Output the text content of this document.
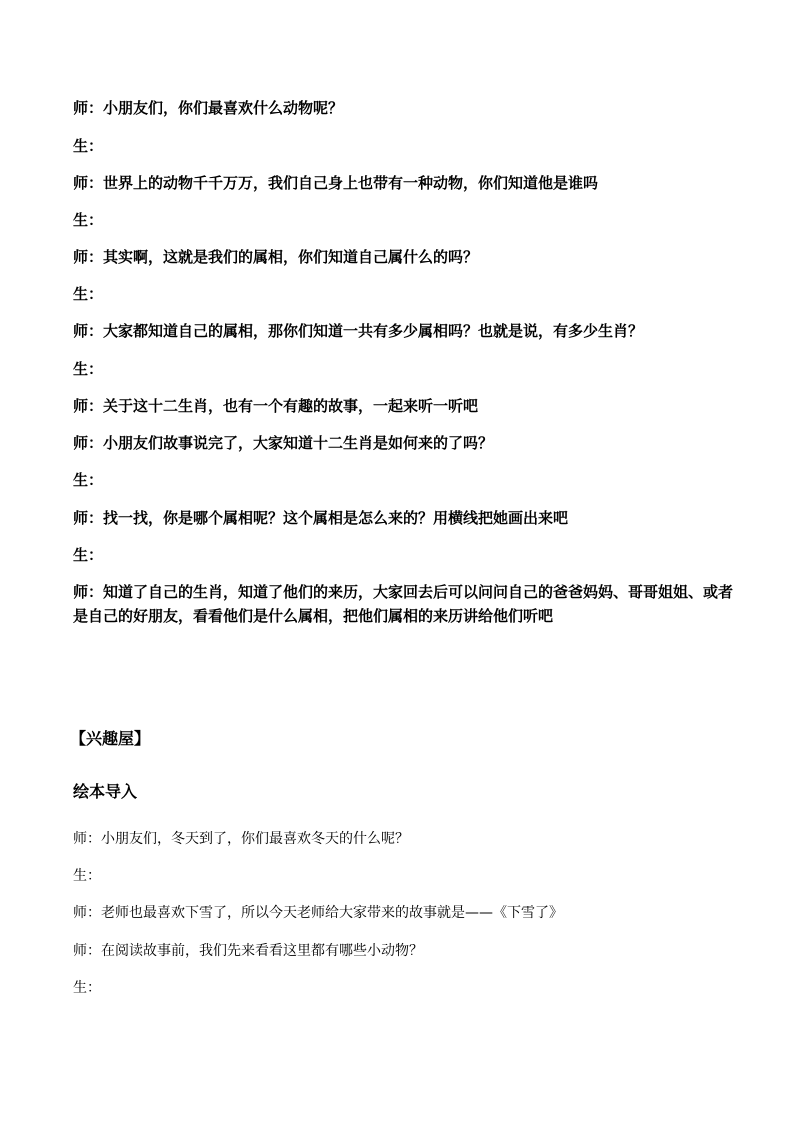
师：小朋友们，你们最喜欢什么动物呢？
生：
师：世界上的动物千千万万，我们自己身上也带有一种动物，你们知道他是谁吗
生：
师：其实啊，这就是我们的属相，你们知道自己属什么的吗？
生：
师：大家都知道自己的属相，那你们知道一共有多少属相吗？也就是说，有多少生肖？
生：
师：关于这十二生肖，也有一个有趣的故事，一起来听一听吧
师：小朋友们故事说完了，大家知道十二生肖是如何来的了吗？
生：
师：找一找，你是哪个属相呢？这个属相是怎么来的？用横线把她画出来吧
生：
师：知道了自己的生肖，知道了他们的来历，大家回去后可以问问自己的爸爸妈妈、哥哥姐姐、或者是自己的好朋友，看看他们是什么属相，把他们属相的来历讲给他们听吧
【兴趣屋】
绘本导入
师：小朋友们，冬天到了，你们最喜欢冬天的什么呢？
生：
师：老师也最喜欢下雪了，所以今天老师给大家带来的故事就是——《下雪了》
师：在阅读故事前，我们先来看看这里都有哪些小动物？
生：
